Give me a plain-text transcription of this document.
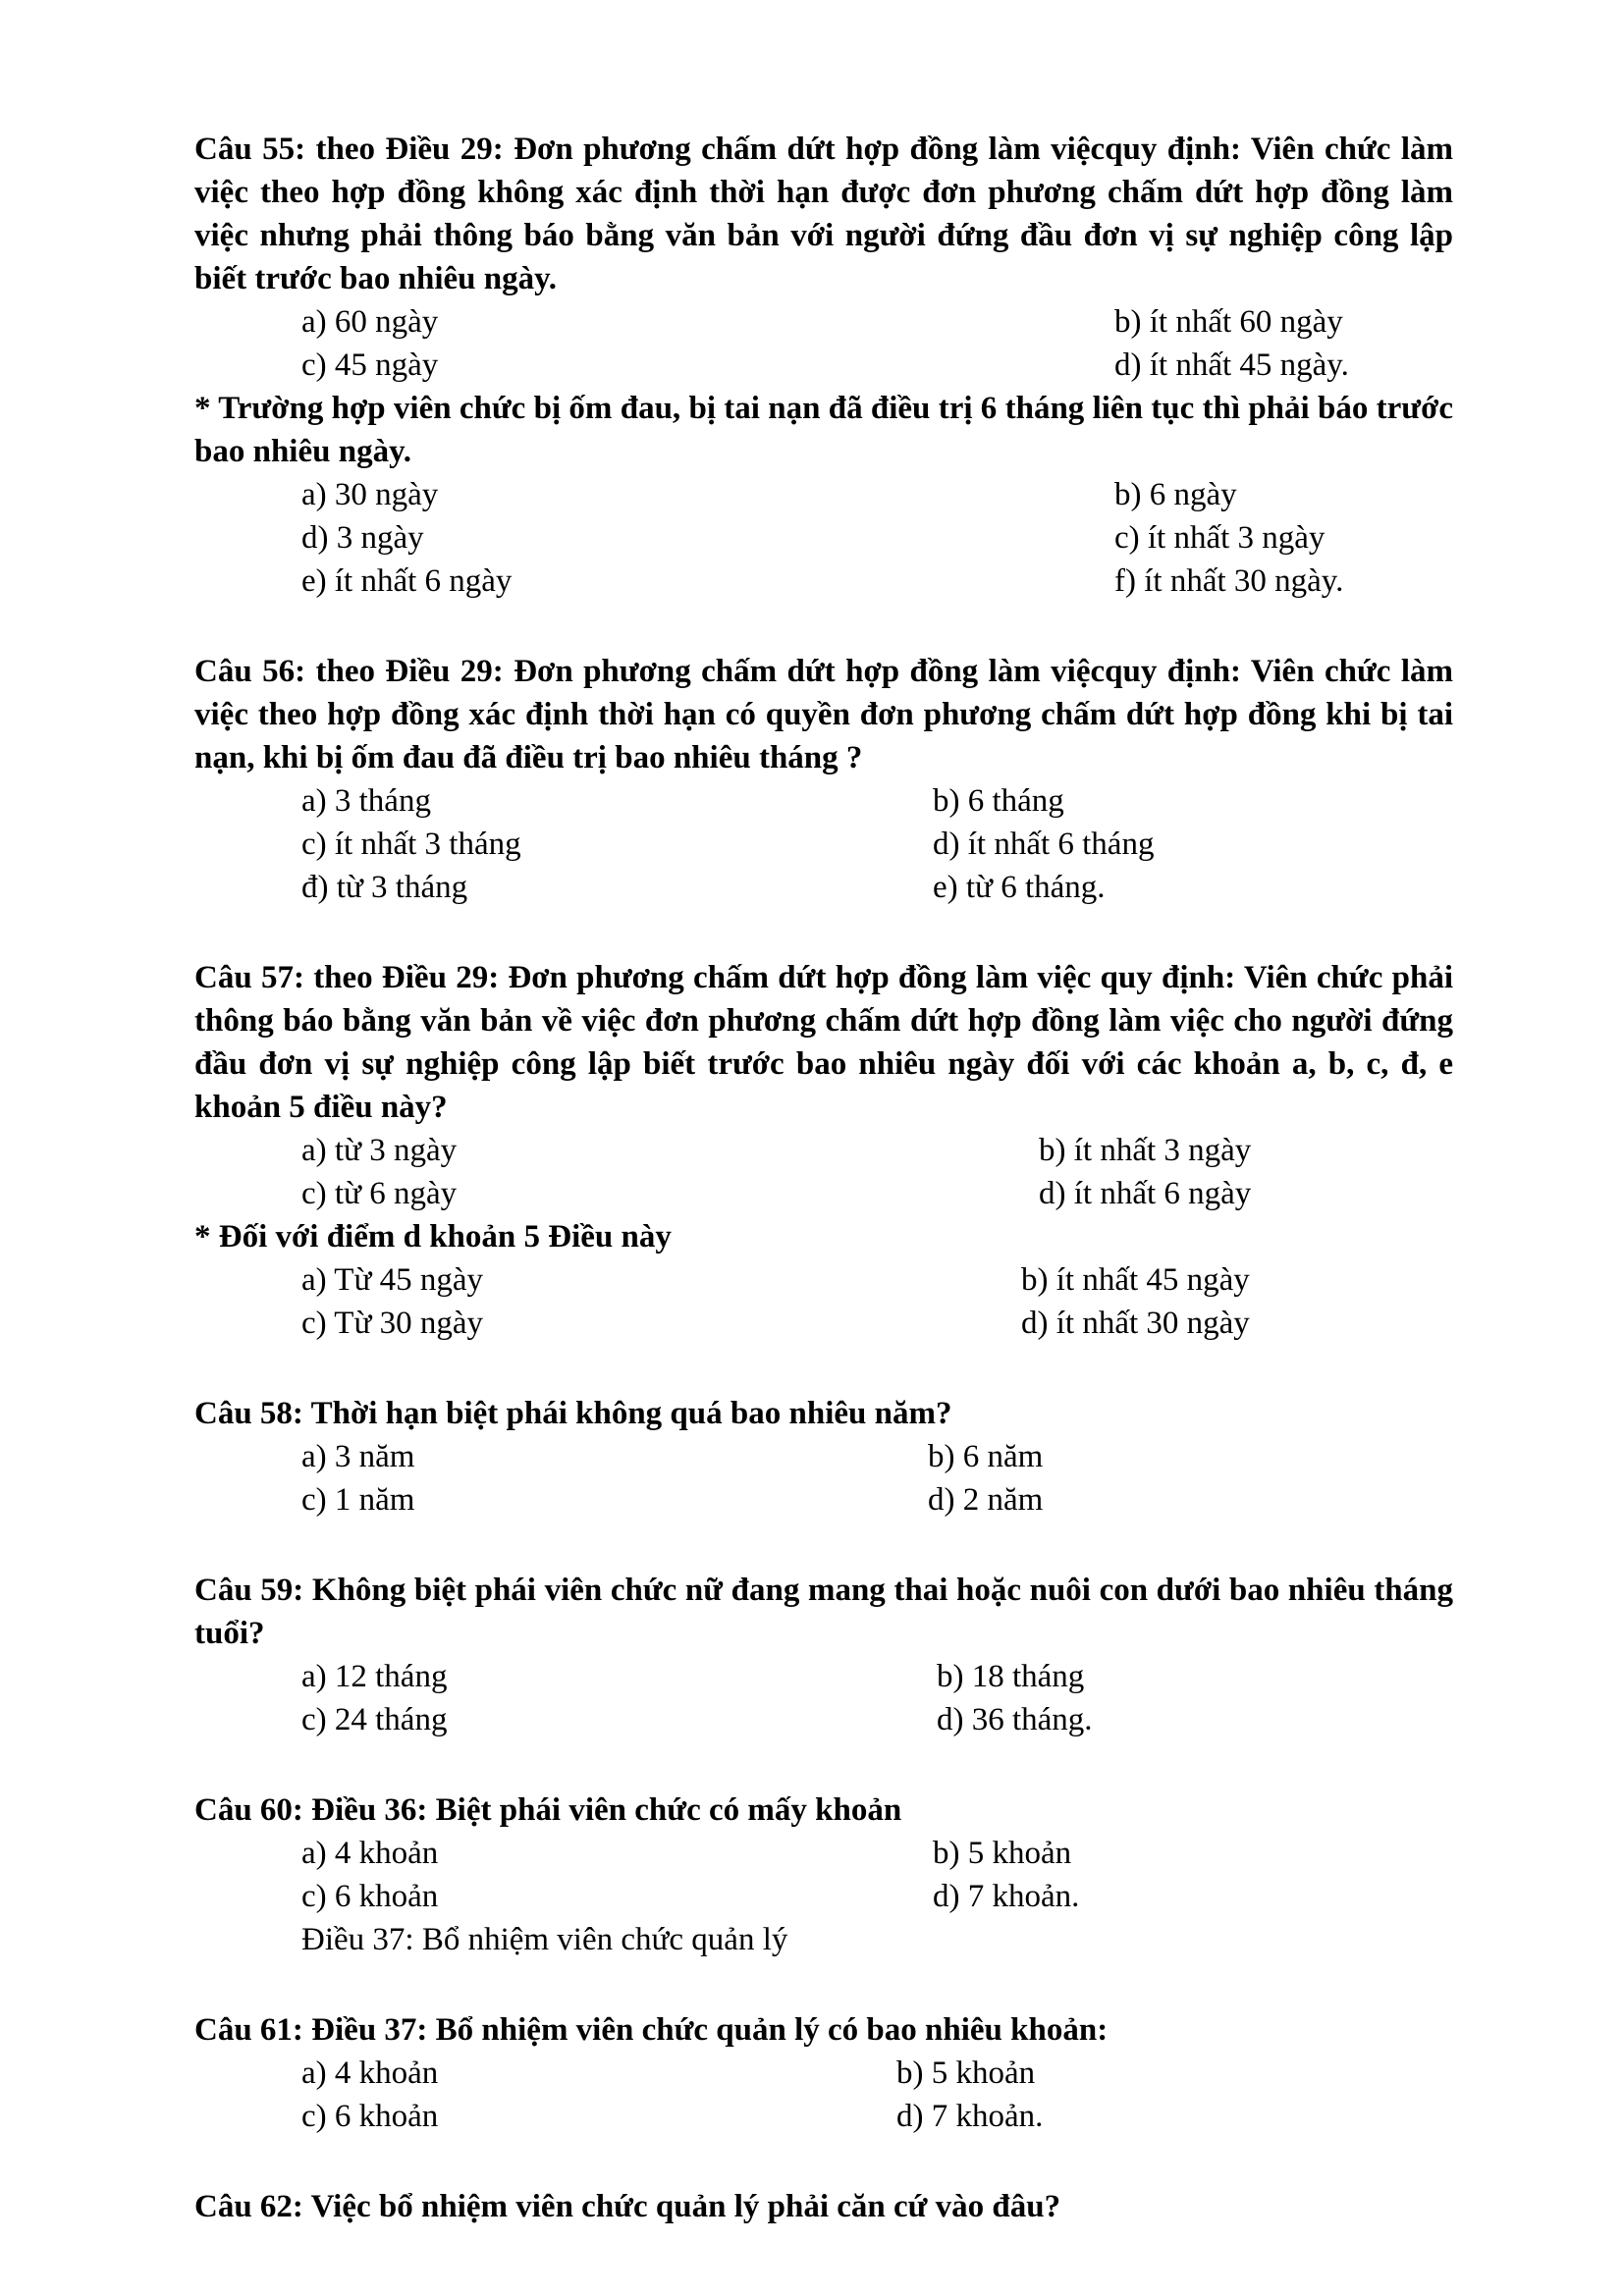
Câu 55: theo Điều 29: Đơn phương chấm dứt hợp đồng làm việcquy định: Viên chức làm việc theo hợp đồng không xác định thời hạn được đơn phương chấm dứt hợp đồng làm việc nhưng phải thông báo bằng văn bản với người đứng đầu đơn vị sự nghiệp công lập biết trước bao nhiêu ngày.

a) 60 ngày	b) ít nhất 60 ngày
c) 45 ngày	d) ít nhất 45 ngày.

* Trường hợp viên chức bị ốm đau, bị tai nạn đã điều trị 6 tháng liên tục thì phải báo trước bao nhiêu ngày.

a) 30 ngày	b) 6 ngày
d) 3 ngày	c) ít nhất 3 ngày
e) ít nhất 6 ngày	f) ít nhất 30 ngày.

Câu 56: theo Điều 29: Đơn phương chấm dứt hợp đồng làm việcquy định: Viên chức làm việc theo hợp đồng xác định thời hạn có quyền đơn phương chấm dứt hợp đồng khi bị tai nạn, khi bị ốm đau đã điều trị bao nhiêu tháng ?

a) 3 tháng	b) 6 tháng
c) ít nhất 3 tháng	d) ít nhất 6 tháng
đ) từ 3 tháng	e) từ 6 tháng.

Câu 57: theo Điều 29: Đơn phương chấm dứt hợp đồng làm việc quy định: Viên chức phải thông báo bằng văn bản về việc đơn phương chấm dứt hợp đồng làm việc cho người đứng đầu đơn vị sự nghiệp công lập biết trước bao nhiêu ngày đối với các khoản a, b, c, đ, e khoản 5 điều này?

a) từ 3 ngày	b) ít nhất 3 ngày
c) từ 6 ngày	d) ít nhất 6 ngày

* Đối với điểm d khoản 5 Điều này

a) Từ 45 ngày	b) ít nhất 45 ngày
c) Từ 30 ngày	d) ít nhất 30 ngày

Câu 58: Thời hạn biệt phái không quá bao nhiêu năm?

a) 3 năm	b) 6 năm
c) 1 năm	d) 2 năm

Câu 59: Không biệt phái viên chức nữ đang mang thai hoặc nuôi con dưới bao nhiêu tháng tuổi?

a) 12 tháng	b) 18 tháng
c) 24 tháng	d) 36 tháng.

Câu 60: Điều 36: Biệt phái viên chức có mấy khoản

a) 4 khoản	b) 5 khoản
c) 6 khoản	d) 7 khoản.
Điều 37: Bổ nhiệm viên chức quản lý

Câu 61: Điều 37: Bổ nhiệm viên chức quản lý có bao nhiêu khoản:

a) 4 khoản	b) 5 khoản
c) 6 khoản	d) 7 khoản.

Câu 62: Việc bổ nhiệm viên chức quản lý phải căn cứ vào đâu?
